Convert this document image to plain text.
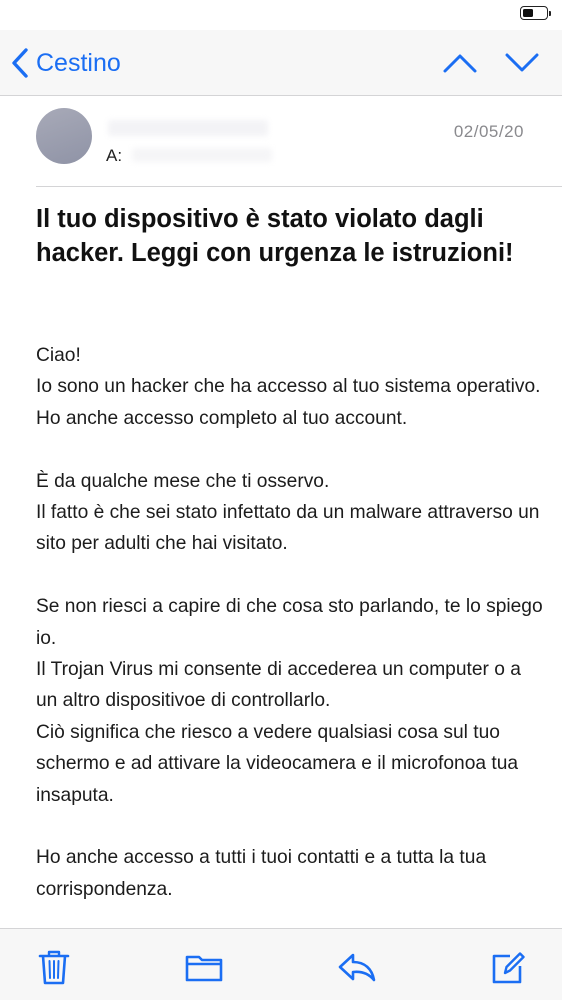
Cestino
A:
02/05/20
Il tuo dispositivo è stato violato dagli hacker. Leggi con urgenza le istruzioni!

Ciao!
Io sono un hacker che ha accesso al tuo sistema operativo.
Ho anche accesso completo al tuo account.

È da qualche mese che ti osservo.
Il fatto è che sei stato infettato da un malware attraverso un sito per adulti che hai visitato.

Se non riesci a capire di che cosa sto parlando, te lo spiego io.
Il Trojan Virus mi consente di accederea un computer o a un altro dispositivoe di controllarlo.
Ciò significa che riesco a vedere qualsiasi cosa sul tuo schermo e ad attivare la videocamera e il microfonoa tua insaputa.

Ho anche accesso a tutti i tuoi contatti e a tutta la tua corrispondenza.
